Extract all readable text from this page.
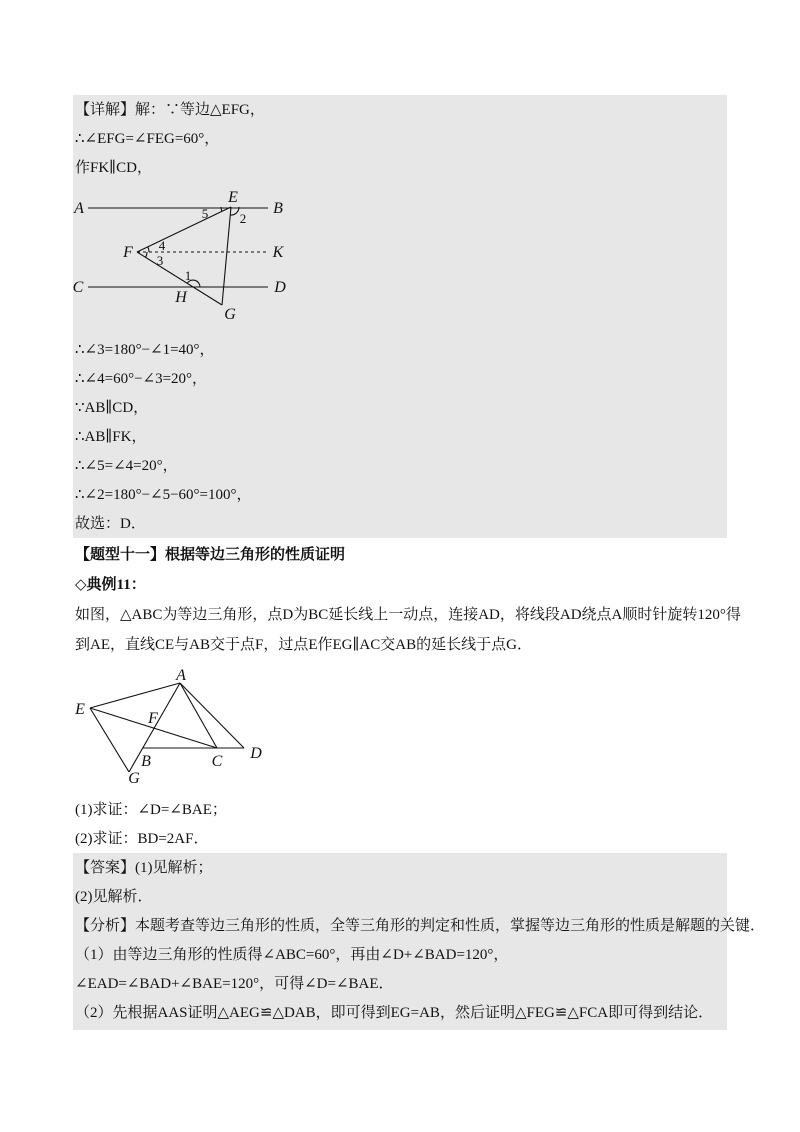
【详解】解：∵等边△EFG，
∴∠EFG=∠FEG=60°，
作FK∥CD，
A	B
C	D
E
F
G
H
K
1
2
3
4
5
∴∠3=180°−∠1=40°，
∴∠4=60°−∠3=20°，
∵AB∥CD，
∴AB∥FK，
∴∠5=∠4=20°，
∴∠2=180°−∠5−60°=100°，
故选：D．
【题型十一】根据等边三角形的性质证明
◇典例11：
如图，△ABC为等边三角形，点D为BC延长线上一动点，连接AD，将线段AD绕点A顺时针旋转120°得
到AE，直线CE与AB交于点F，过点E作EG∥AC交AB的延长线于点G．
A
B	C D
E
F
G
(1)求证：∠D=∠BAE；
(2)求证：BD=2AF．
【答案】(1)见解析；
(2)见解析．
【分析】本题考查等边三角形的性质，全等三角形的判定和性质，掌握等边三角形的性质是解题的关键．
（1）由等边三角形的性质得∠ABC=60°，再由∠D+∠BAD=120°，
∠EAD=∠BAD+∠BAE=120°，可得∠D=∠BAE．
（2）先根据AAS证明△AEG≌△DAB，即可得到EG=AB，然后证明△FEG≌△FCA即可得到结论．
